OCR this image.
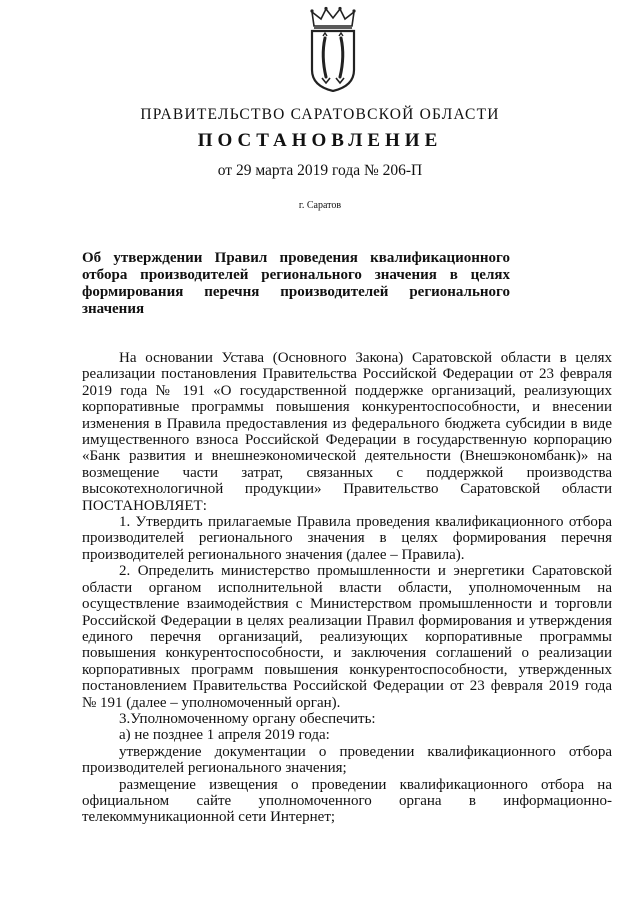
ПРАВИТЕЛЬСТВО САРАТОВСКОЙ ОБЛАСТИ
ПОСТАНОВЛЕНИЕ
от 29 марта 2019 года № 206-П
г. Саратов
Об утверждении Правил проведения квалификационного отбора производителей регионального значения в целях формирования перечня производителей регионального значения

На основании Устава (Основного Закона) Саратовской области в целях реализации постановления Правительства Российской Федерации от 23 февраля 2019 года № 191 «О государственной поддержке организаций, реализующих корпоративные программы повышения конкурентоспособности, и внесении изменения в Правила предоставления из федерального бюджета субсидии в виде имущественного взноса Российской Федерации в государственную корпорацию «Банк развития и внешнеэкономической деятельности (Внешэкономбанк)» на возмещение части затрат, связанных с поддержкой производства высокотехнологичной продукции» Правительство Саратовской области ПОСТАНОВЛЯЕТ:

1. Утвердить прилагаемые Правила проведения квалификационного отбора производителей регионального значения в целях формирования перечня производителей регионального значения (далее – Правила).

2. Определить министерство промышленности и энергетики Саратовской области органом исполнительной власти области, уполномоченным на осуществление взаимодействия с Министерством промышленности и торговли Российской Федерации в целях реализации Правил формирования и утверждения единого перечня организаций, реализующих корпоративные программы повышения конкурентоспособности, и заключения соглашений о реализации корпоративных программ повышения конкурентоспособности, утвержденных постановлением Правительства Российской Федерации от 23 февраля 2019 года № 191 (далее – уполномоченный орган).

3.Уполномоченному органу обеспечить:

а) не позднее 1 апреля 2019 года:

утверждение документации о проведении квалификационного отбора производителей регионального значения;

размещение извещения о проведении квалификационного отбора на официальном сайте уполномоченного органа в информационно-телекоммуникационной сети Интернет;
